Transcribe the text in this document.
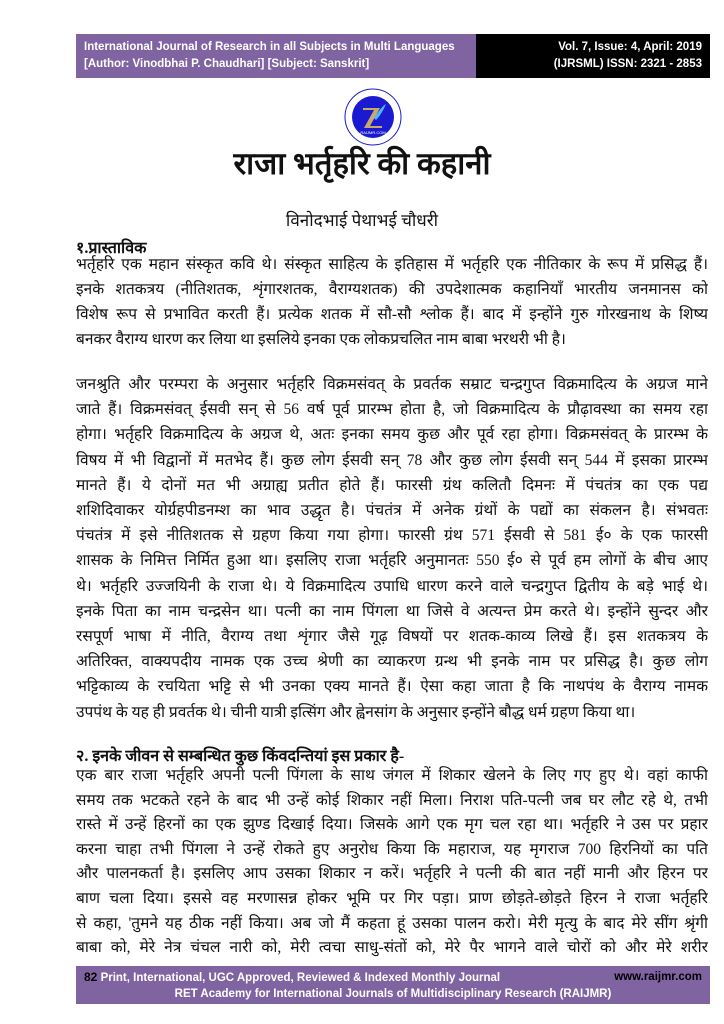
International Journal of Research in all Subjects in Multi Languages
[Author: Vinodbhai P. Chaudhari] [Subject: Sanskrit]
Vol. 7, Issue: 4, April: 2019
(IJRSML) ISSN: 2321 - 2853
RAIJMR.COM
राजा भर्तृहरि की कहानी
विनोदभाई पेथाभई चौधरी
१.प्रास्ताविक
भर्तृहरि एक महान संस्कृत कवि थे। संस्कृत साहित्य के इतिहास में भर्तृहरि एक नीतिकार के रूप में प्रसिद्ध हैं।
इनके शतकत्रय (नीतिशतक, शृंगारशतक, वैराग्यशतक) की उपदेशात्मक कहानियाँ भारतीय जनमानस को
विशेष रूप से प्रभावित करती हैं। प्रत्येक शतक में सौ-सौ श्लोक हैं। बाद में इन्होंने गुरु गोरखनाथ के शिष्य
बनकर वैराग्य धारण कर लिया था इसलिये इनका एक लोकप्रचलित नाम बाबा भरथरी भी है।
जनश्रुति और परम्परा के अनुसार भर्तृहरि विक्रमसंवत् के प्रवर्तक सम्राट चन्द्रगुप्त विक्रमादित्य के अग्रज माने
जाते हैं। विक्रमसंवत् ईसवी सन् से 56 वर्ष पूर्व प्रारम्भ होता है, जो विक्रमादित्य के प्रौढ़ावस्था का समय रहा
होगा। भर्तृहरि विक्रमादित्य के अग्रज थे, अतः इनका समय कुछ और पूर्व रहा होगा। विक्रमसंवत् के प्रारम्भ के
विषय में भी विद्वानों में मतभेद हैं। कुछ लोग ईसवी सन् 78 और कुछ लोग ईसवी सन् 544 में इसका प्रारम्भ
मानते हैं। ये दोनों मत भी अग्राह्य प्रतीत होते हैं। फारसी ग्रंथ कलितौ दिमनः में पंचतंत्र का एक पद्य
शशिदिवाकर योर्ग्रहपीडनम्श का भाव उद्धृत है। पंचतंत्र में अनेक ग्रंथों के पद्यों का संकलन है। संभवतः
पंचतंत्र में इसे नीतिशतक से ग्रहण किया गया होगा। फारसी ग्रंथ 571 ईसवी से 581 ई० के एक फारसी
शासक के निमित्त निर्मित हुआ था। इसलिए राजा भर्तृहरि अनुमानतः 550 ई० से पूर्व हम लोगों के बीच आए
थे। भर्तृहरि उज्जयिनी के राजा थे। ये विक्रमादित्य उपाधि धारण करने वाले चन्द्रगुप्त द्वितीय के बड़े भाई थे।
इनके पिता का नाम चन्द्रसेन था। पत्नी का नाम पिंगला था जिसे वे अत्यन्त प्रेम करते थे। इन्होंने सुन्दर और
रसपूर्ण भाषा में नीति, वैराग्य तथा शृंगार जैसे गूढ़ विषयों पर शतक-काव्य लिखे हैं। इस शतकत्रय के
अतिरिक्त, वाक्यपदीय नामक एक उच्च श्रेणी का व्याकरण ग्रन्थ भी इनके नाम पर प्रसिद्ध है। कुछ लोग
भट्टिकाव्य के रचयिता भट्टि से भी उनका एक्य मानते हैं। ऐसा कहा जाता है कि नाथपंथ के वैराग्य नामक
उपपंथ के यह ही प्रवर्तक थे। चीनी यात्री इत्सिंग और ह्वेनसांग के अनुसार इन्होंने बौद्ध धर्म ग्रहण किया था।
२. इनके जीवन से सम्बन्धित कुछ किंवदन्तियां इस प्रकार है-
एक बार राजा भर्तृहरि अपनी पत्नी पिंगला के साथ जंगल में शिकार खेलने के लिए गए हुए थे। वहां काफी
समय तक भटकते रहने के बाद भी उन्हें कोई शिकार नहीं मिला। निराश पति-पत्नी जब घर लौट रहे थे, तभी
रास्ते में उन्हें हिरनों का एक झुण्ड दिखाई दिया। जिसके आगे एक मृग चल रहा था। भर्तृहरि ने उस पर प्रहार
करना चाहा तभी पिंगला ने उन्हें रोकते हुए अनुरोध किया कि महाराज, यह मृगराज 700 हिरनियों का पति
और पालनकर्ता है। इसलिए आप उसका शिकार न करें। भर्तृहरि ने पत्नी की बात नहीं मानी और हिरन पर
बाण चला दिया। इससे वह मरणासन्न होकर भूमि पर गिर पड़ा। प्राण छोड़ते-छोड़ते हिरन ने राजा भर्तृहरि
से कहा, 'तुमने यह ठीक नहीं किया। अब जो मैं कहता हूं उसका पालन करो। मेरी मृत्यु के बाद मेरे सींग श्रृंगी
बाबा को, मेरे नेत्र चंचल नारी को, मेरी त्वचा साधु-संतों को, मेरे पैर भागने वाले चोरों को और मेरे शरीर
82 Print, International, UGC Approved, Reviewed & Indexed Monthly Journal	www.raijmr.com
RET Academy for International Journals of Multidisciplinary Research (RAIJMR)
